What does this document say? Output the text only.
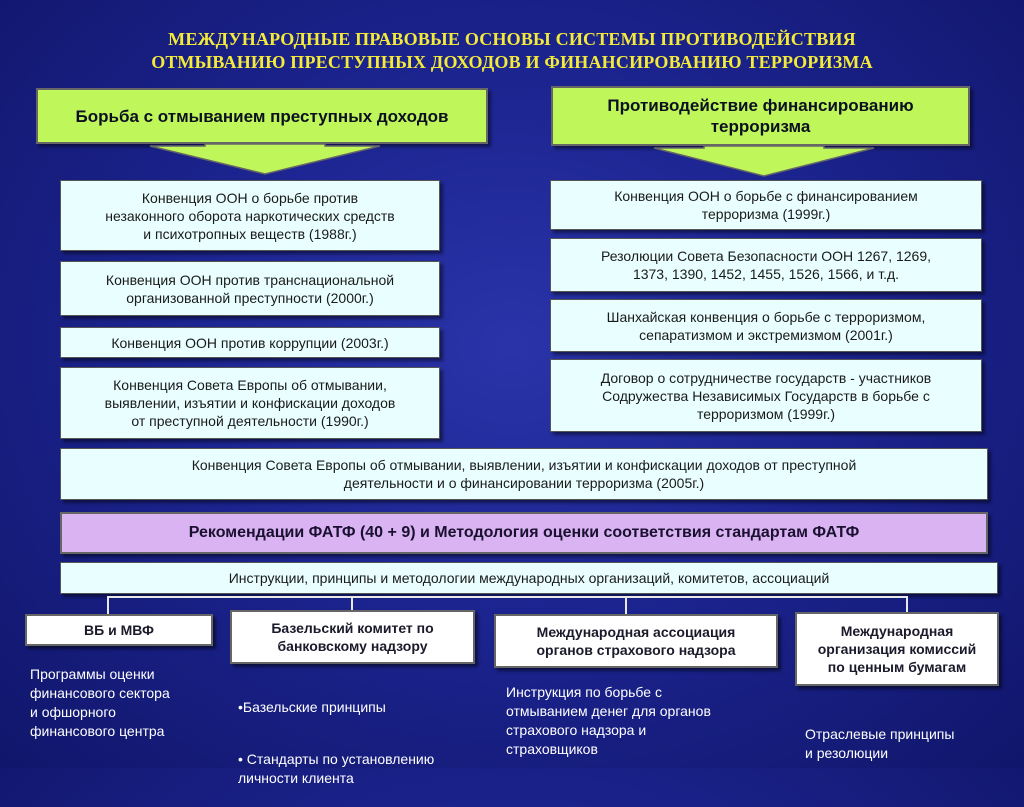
МЕЖДУНАРОДНЫЕ ПРАВОВЫЕ ОСНОВЫ СИСТЕМЫ ПРОТИВОДЕЙСТВИЯ
ОТМЫВАНИЮ ПРЕСТУПНЫХ ДОХОДОВ И ФИНАНСИРОВАНИЮ ТЕРРОРИЗМА
Борьба с отмыванием преступных доходов
Противодействие финансированию
терроризма
Конвенция ООН о борьбе против
незаконного оборота наркотических средств
и психотропных веществ (1988г.)
Конвенция ООН против транснациональной
организованной преступности (2000г.)
Конвенция ООН против коррупции (2003г.)
Конвенция Совета Европы об отмывании,
выявлении, изъятии и конфискации доходов
от преступной деятельности (1990г.)
Конвенция ООН о борьбе с финансированием
терроризма (1999г.)
Резолюции Совета Безопасности ООН 1267, 1269,
1373, 1390, 1452, 1455, 1526, 1566, и т.д.
Шанхайская конвенция о борьбе с терроризмом,
сепаратизмом и экстремизмом (2001г.)
Договор о сотрудничестве государств - участников
Содружества Независимых Государств в борьбе с
терроризмом (1999г.)
Конвенция Совета Европы об отмывании, выявлении, изъятии и конфискации доходов от преступной
деятельности и о финансировании терроризма (2005г.)
Рекомендации ФАТФ (40 + 9) и Методология оценки соответствия стандартам ФАТФ
Инструкции, принципы и методологии международных организаций, комитетов, ассоциаций
ВБ и МВФ	Базельский комитет по
банковскому надзору
Международная ассоциация
органов страхового надзора
Международная
организация комиссий
по ценным бумагам
Программы оценки
финансового сектора
и офшорного
финансового центра

•Базельские принципы

• Стандарты по установлению
личности клиента

Инструкция по борьбе с
отмыванием денег для органов
страхового надзора и
страховщиков
Отраслевые принципы
и резолюции
